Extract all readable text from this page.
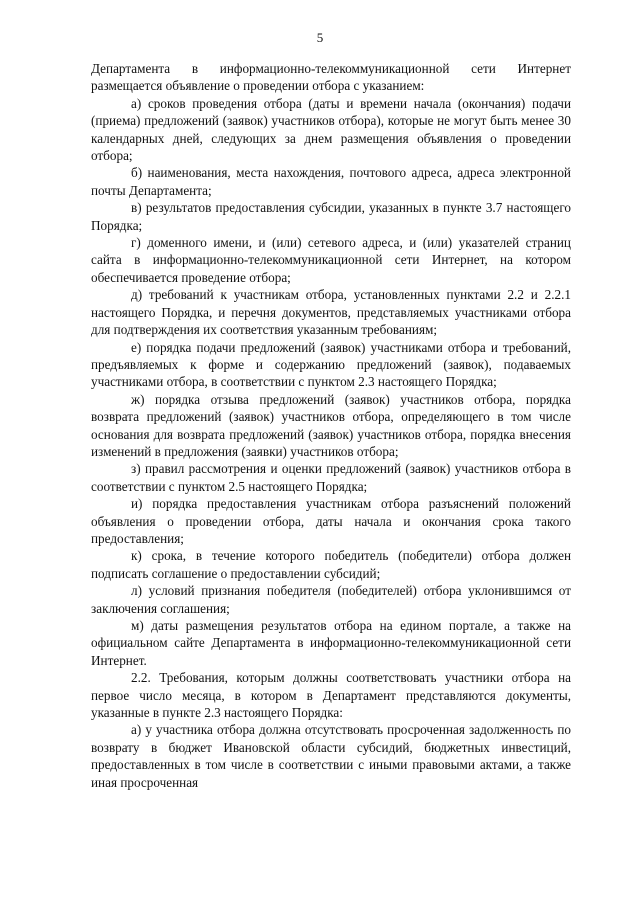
5

Департамента в информационно-телекоммуникационной сети Интернет размещается объявление о проведении отбора с указанием:

а) сроков проведения отбора (даты и времени начала (окончания) подачи (приема) предложений (заявок) участников отбора), которые не могут быть менее 30 календарных дней, следующих за днем размещения объявления о проведении отбора;

б) наименования, места нахождения, почтового адреса, адреса электронной почты Департамента;

в) результатов предоставления субсидии, указанных в пункте 3.7 настоящего Порядка;

г) доменного имени, и (или) сетевого адреса, и (или) указателей страниц сайта в информационно-телекоммуникационной сети Интернет, на котором обеспечивается проведение отбора;

д) требований к участникам отбора, установленных пунктами 2.2 и 2.2.1 настоящего Порядка, и перечня документов, представляемых участниками отбора для подтверждения их соответствия указанным требованиям;

е) порядка подачи предложений (заявок) участниками отбора и требований, предъявляемых к форме и содержанию предложений (заявок), подаваемых участниками отбора, в соответствии с пунктом 2.3 настоящего Порядка;

ж) порядка отзыва предложений (заявок) участников отбора, порядка возврата предложений (заявок) участников отбора, определяющего в том числе основания для возврата предложений (заявок) участников отбора, порядка внесения изменений в предложения (заявки) участников отбора;

з) правил рассмотрения и оценки предложений (заявок) участников отбора в соответствии с пунктом 2.5 настоящего Порядка;

и) порядка предоставления участникам отбора разъяснений положений объявления о проведении отбора, даты начала и окончания срока такого предоставления;

к) срока, в течение которого победитель (победители) отбора должен подписать соглашение о предоставлении субсидий;

л) условий признания победителя (победителей) отбора уклонившимся от заключения соглашения;

м) даты размещения результатов отбора на едином портале, а также на официальном сайте Департамента в информационно-телекоммуникационной сети Интернет.

2.2. Требования, которым должны соответствовать участники отбора на первое число месяца, в котором в Департамент представляются документы, указанные в пункте 2.3 настоящего Порядка:

а) у участника отбора должна отсутствовать просроченная задолженность по возврату в бюджет Ивановской области субсидий, бюджетных инвестиций, предоставленных в том числе в соответствии с иными правовыми актами, а также иная просроченная
